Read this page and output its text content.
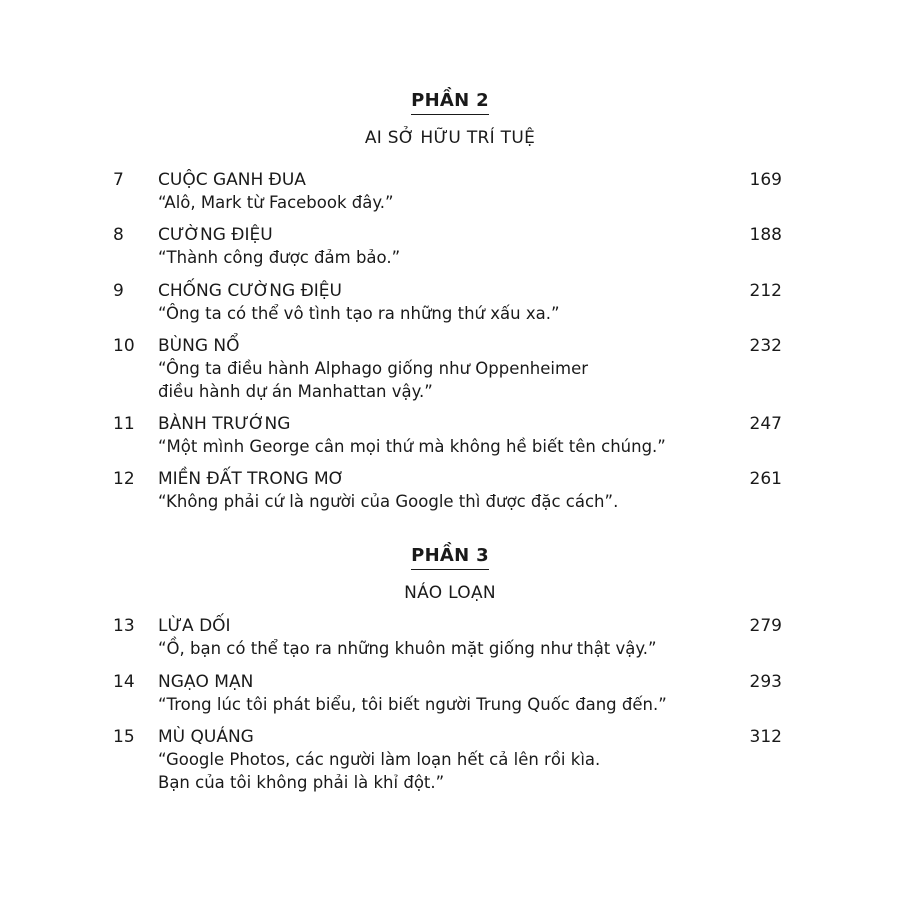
PHẦN 2
AI SỞ HỮU TRÍ TUỆ
7 CUỘC GANH ĐUA	169
“Alô, Mark từ Facebook đây.”
8 CƯỜNG ĐIỆU	188
“Thành công được đảm bảo.”
9 CHỐNG CƯỜNG ĐIỆU	212
“Ông ta có thể vô tình tạo ra những thứ xấu xa.”
10 BÙNG NỔ	232
“Ông ta điều hành Alphago giống như Oppenheimer
điều hành dự án Manhattan vậy.”
11 BÀNH TRƯỚNG	247
“Một mình George cân mọi thứ mà không hề biết tên chúng.”
12 MIỀN ĐẤT TRONG MƠ	261
“Không phải cứ là người của Google thì được đặc cách”.
PHẦN 3
NÁO LOẠN
13 LỪA DỐI	279
“Ồ, bạn có thể tạo ra những khuôn mặt giống như thật vậy.”
14 NGẠO MẠN	293
“Trong lúc tôi phát biểu, tôi biết người Trung Quốc đang đến.”
15 MÙ QUÁNG	312
“Google Photos, các người làm loạn hết cả lên rồi kìa.
Bạn của tôi không phải là khỉ đột.”
